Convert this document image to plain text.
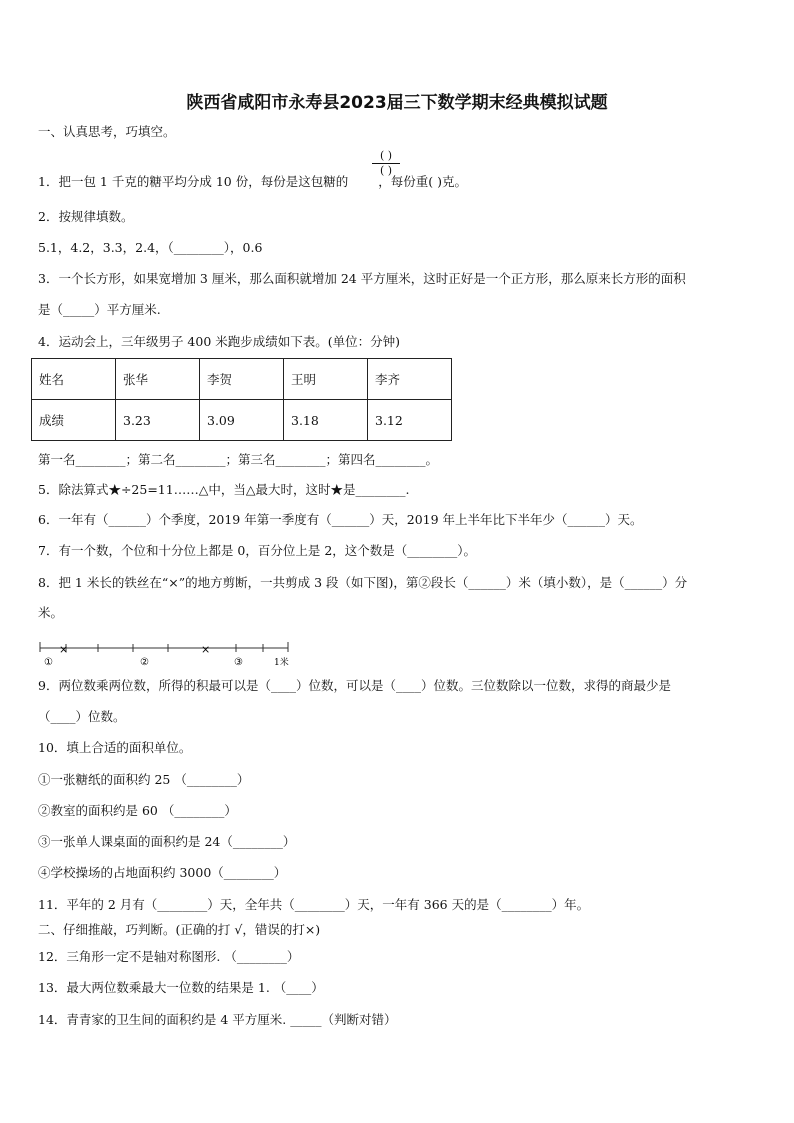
陕西省咸阳市永寿县2023届三下数学期末经典模拟试题
一、认真思考，巧填空。
( )
( )
1．把一包 1 千克的糖平均分成 10 份，每份是这包糖的 ，每份重( )克。
2．按规律填数。
5.1，4.2，3.3，2.4，（________），0.6
3．一个长方形，如果宽增加 3 厘米，那么面积就增加 24 平方厘米，这时正好是一个正方形，那么原来长方形的面积
是（_____）平方厘米.
4．运动会上，三年级男子 400 米跑步成绩如下表。(单位：分钟)
姓名	张华	李贺	王明	李齐
成绩	3.23	3.09	3.18	3.12
第一名________；第二名________；第三名________；第四名________。
5．除法算式★÷25=11……△中，当△最大时，这时★是________.
6．一年有（______）个季度，2019 年第一季度有（______）天，2019 年上半年比下半年少（______）天。
7．有一个数，个位和十分位上都是 0，百分位上是 2，这个数是（________）。
8．把 1 米长的铁丝在“×”的地方剪断，一共剪成 3 段（如下图)，第②段长（______）米（填小数），是（______）分
米。
×	×
①	②	③	1米
9．两位数乘两位数，所得的积最可以是（____）位数，可以是（____）位数。三位数除以一位数，求得的商最少是
（____）位数。
10．填上合适的面积单位。
①一张糖纸的面积约 25 （________）
②教室的面积约是 60 （________）
③一张单人课桌面的面积约是 24（________）
④学校操场的占地面积约 3000（________）
11．平年的 2 月有（________）天，全年共（________）天，一年有 366 天的是（________）年。
二、仔细推敲，巧判断。(正确的打 √，错误的打×)
12．三角形一定不是轴对称图形. （________）
13．最大两位数乘最大一位数的结果是 1. （____）
14．青青家的卫生间的面积约是 4 平方厘米. _____（判断对错）
